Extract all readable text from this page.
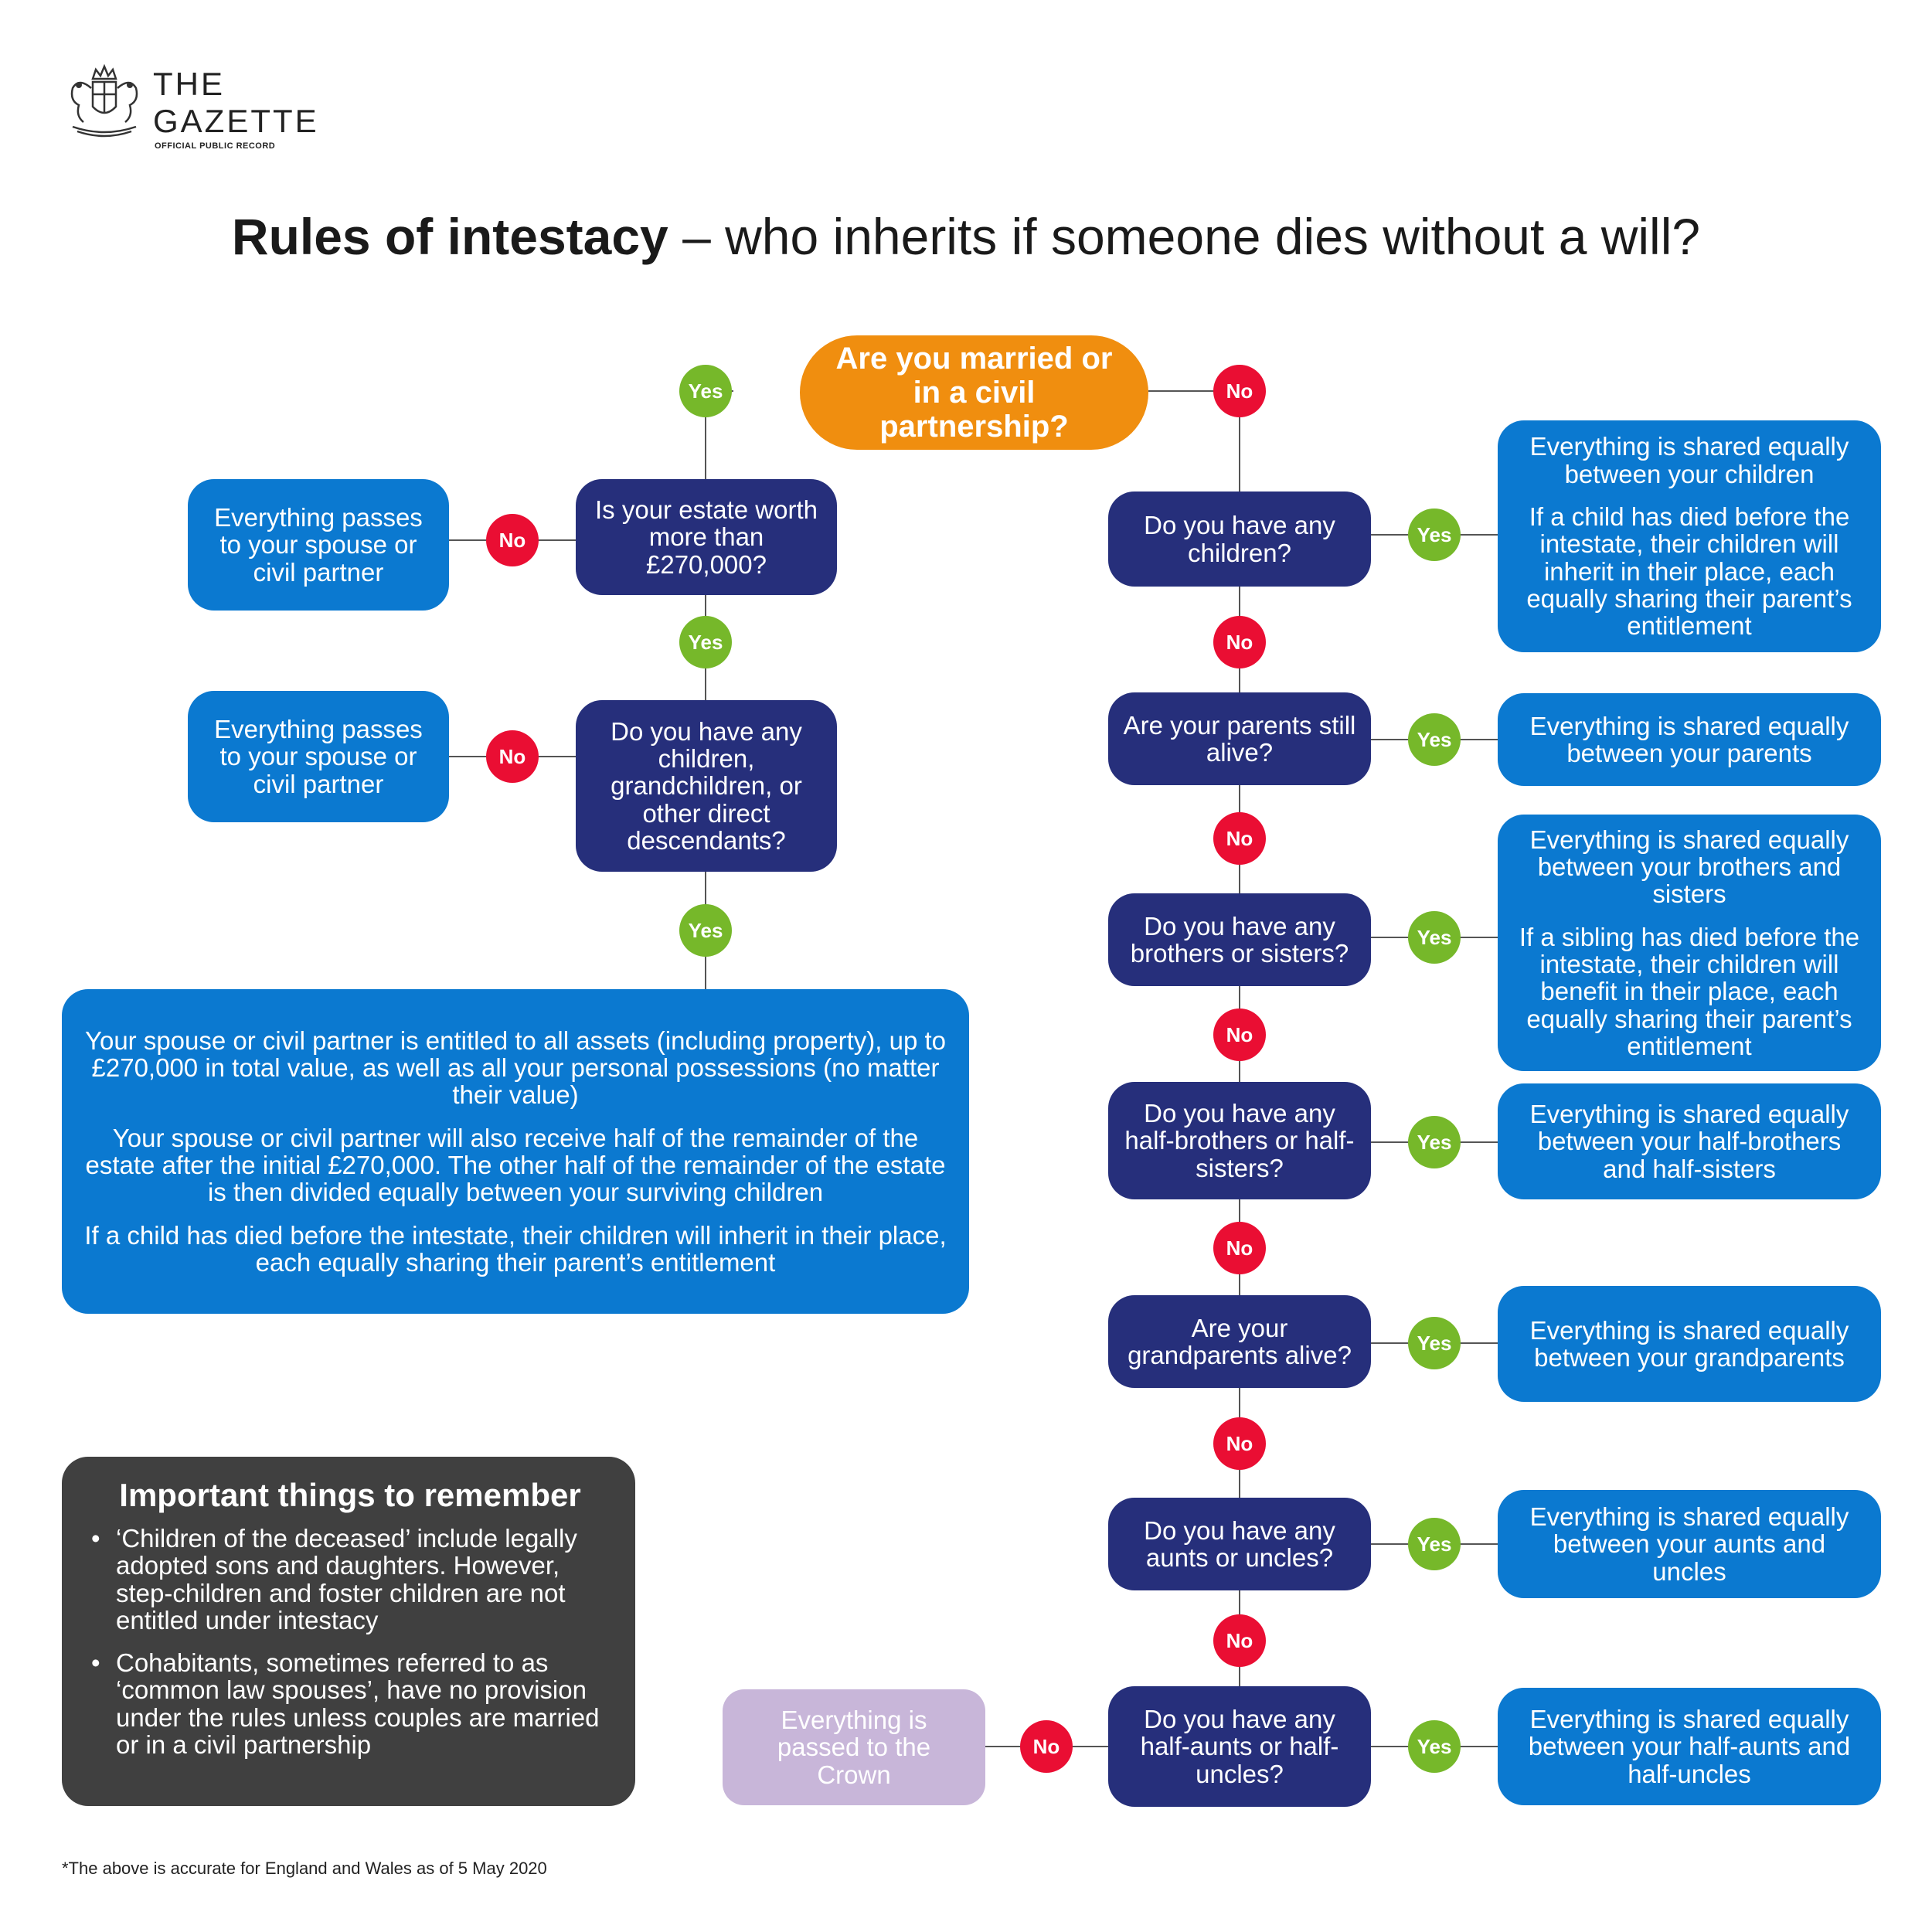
THE
GAZETTE
OFFICIAL PUBLIC RECORD
Rules of intestacy – who inherits if someone dies without a will?

Are you married or in a civil partnership?

Is your estate worth more than £270,000?

Everything passes to your spouse or civil partner

Do you have any children, grandchildren, or other direct descendants?

Everything passes to your spouse or civil partner

Your spouse or civil partner is entitled to all assets (including property), up to £270,000 in total value, as well as all your personal possessions (no matter their value)

Your spouse or civil partner will also receive half of the remainder of the estate after the initial £270,000. The other half of the remainder of the estate is then divided equally between your surviving children

If a child has died before the intestate, their children will inherit in their place, each equally sharing their parent’s entitlement

Do you have any children?

Are your parents still alive?

Do you have any brothers or sisters?

Do you have any half-brothers or half-sisters?

Are your grandparents alive?

Do you have any aunts or uncles?

Do you have any half-aunts or half-uncles?

Everything is shared equally between your children

If a child has died before the intestate, their children will inherit in their place, each equally sharing their parent’s entitlement

Everything is shared equally between your parents

Everything is shared equally between your brothers and sisters

If a sibling has died before the intestate, their children will benefit in their place, each equally sharing their parent’s entitlement

Everything is shared equally between your half-brothers and half-sisters

Everything is shared equally between your grandparents

Everything is shared equally between your aunts and uncles

Everything is shared equally between your half-aunts and half-uncles

Everything is passed to the Crown

Yes	No
No
Yes
No
Yes
Yes
No
Yes
No
Yes
No
Yes
No
Yes
No
Yes
No
Yes
No
Important things to remember
• ‘Children of the deceased’ include legally adopted sons and daughters. However, step-children and foster children are not entitled under intestacy
• Cohabitants, sometimes referred to as ‘common law spouses’, have no provision under the rules unless couples are married or in a civil partnership
*The above is accurate for England and Wales as of 5 May 2020
